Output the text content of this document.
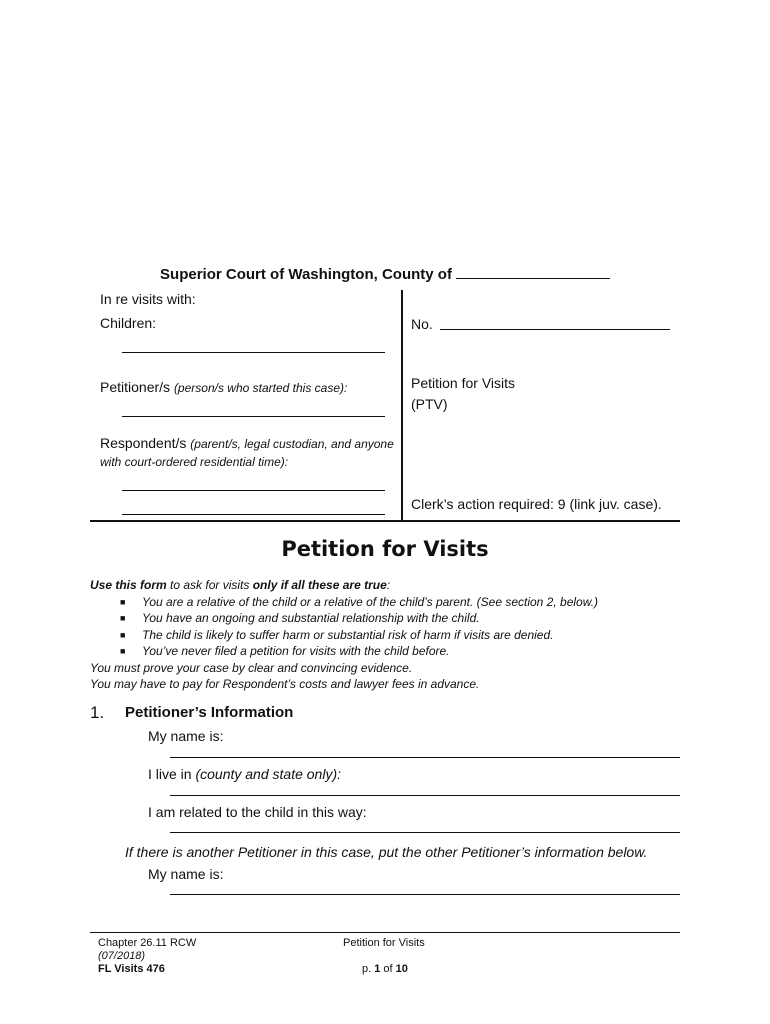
Superior Court of Washington, County of
In re visits with:
Children:
Petitioner/s (person/s who started this case):
Respondent/s (parent/s, legal custodian, and anyone with court-ordered residential time):
No.
Petition for Visits
(PTV)
Clerk’s action required: 9 (link juv. case).
Petition for Visits
Use this form to ask for visits only if all these are true:
■ You are a relative of the child or a relative of the child’s parent. (See section 2, below.)
■ You have an ongoing and substantial relationship with the child.
■ The child is likely to suffer harm or substantial risk of harm if visits are denied.
■ You’ve never filed a petition for visits with the child before.
You must prove your case by clear and convincing evidence.
You may have to pay for Respondent’s costs and lawyer fees in advance.
1. Petitioner’s Information
My name is:
I live in (county and state only):
I am related to the child in this way:
If there is another Petitioner in this case, put the other Petitioner’s information below.
My name is:
Chapter 26.11 RCW
(07/2018)
FL Visits 476
Petition for Visits
p. 1 of 10
